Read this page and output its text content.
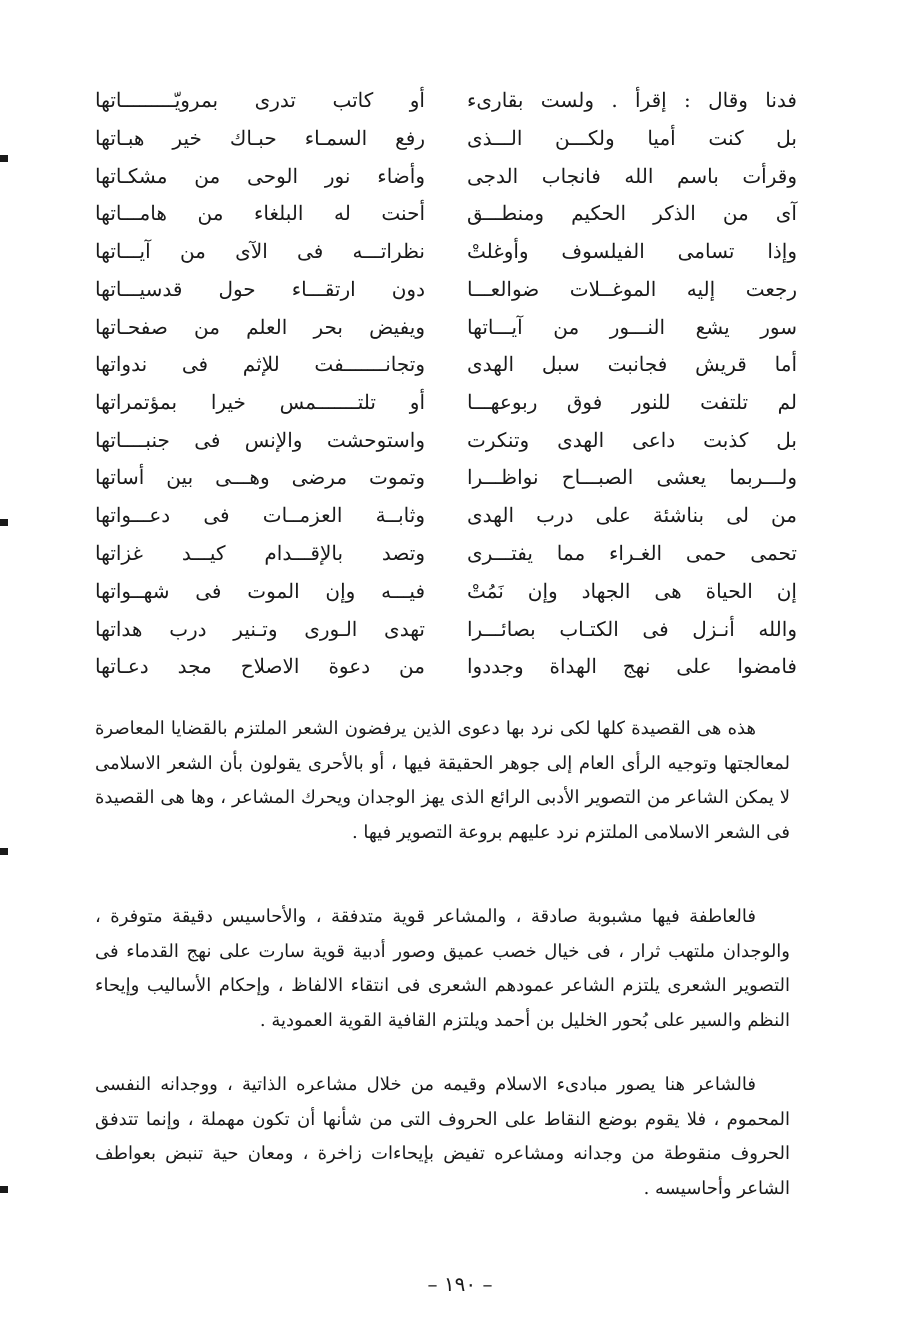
فدنا وقال : إقرأ . ولست بقارىء
أو كاتب تدرى بمرويّـــــــــاتها
بل كنت أميا ولكـــن الـــذى
رفع السمـاء حبـاك خير هبـاتها
وقرأت باسم الله فانجاب الدجى
وأضاء نور الوحى من مشكـاتها
آى من الذكر الحكيم ومنطـــق
أحنت له البلغاء من هامـــاتها
وإذا تسامى الفيلسوف وأوغلتْ
نظراتـــه فى الآى من آيـــاتها
رجعت إليه الموغــلات ضوالعـــا
دون ارتقـــاء حول قدسيـــاتها
سور يشع النـــور من آيـــاتها
ويفيض بحر العلم من صفحـاتها
أما قريش فجانبت سبل الهدى
وتجانـــــــفت للإثم فى ندواتها
لم تلتفت للنور فوق ربوعهـــا
أو تلتـــــــمس خيرا بمؤتمراتها
بل كذبت داعى الهدى وتنكرت
واستوحشت والإنس فى جنبــــاتها
ولـــربما يعشى الصبـــاح نواظـــرا
وتموت مرضى وهـــى بين أساتها
من لى بناشئة على درب الهدى
وثابــة العزمــات فى دعـــواتها
تحمى حمى الغـراء مما يفتـــرى
وتصد بالإقـــدام كيـــد غزاتها
إن الحياة هى الجهاد وإن نَمُتْ
فيـــه وإن الموت فى شهــواتها
والله أنـزل فى الكتـاب بصائـــرا
تهدى الـورى وتـنير درب هداتها
فامضوا على نهج الهداة وجددوا
من دعوة الاصلاح مجد دعـاتها

هذه هى القصيدة كلها لكى نرد بها دعوى الذين يرفضون الشعر الملتزم بالقضايا المعاصرة لمعالجتها وتوجيه الرأى العام إلى جوهر الحقيقة فيها ، أو بالأحرى يقولون بأن الشعر الاسلامى لا يمكن الشاعر من التصوير الأدبى الرائع الذى يهز الوجدان ويحرك المشاعر ، وها هى القصيدة فى الشعر الاسلامى الملتزم نرد عليهم بروعة التصوير فيها .

فالعاطفة فيها مشبوبة صادقة ، والمشاعر قوية متدفقة ، والأحاسيس دقيقة متوفرة ، والوجدان ملتهب ثرار ، فى خيال خصب عميق وصور أدبية قوية سارت على نهج القدماء فى التصوير الشعرى يلتزم الشاعر عمودهم الشعرى فى انتقاء الالفاظ ، وإحكام الأساليب وإيحاء النظم والسير على بُحور الخليل بن أحمد ويلتزم القافية القوية العمودية .

فالشاعر هنا يصور مبادىء الاسلام وقيمه من خلال مشاعره الذاتية ، ووجدانه النفسى المحموم ، فلا يقوم بوضع النقاط على الحروف التى من شأنها أن تكون مهملة ، وإنما تتدفق الحروف منقوطة من وجدانه ومشاعره تفيض بإيحاءات زاخرة ، ومعان حية تنبض بعواطف الشاعر وأحاسيسه .

– ١٩٠ –
